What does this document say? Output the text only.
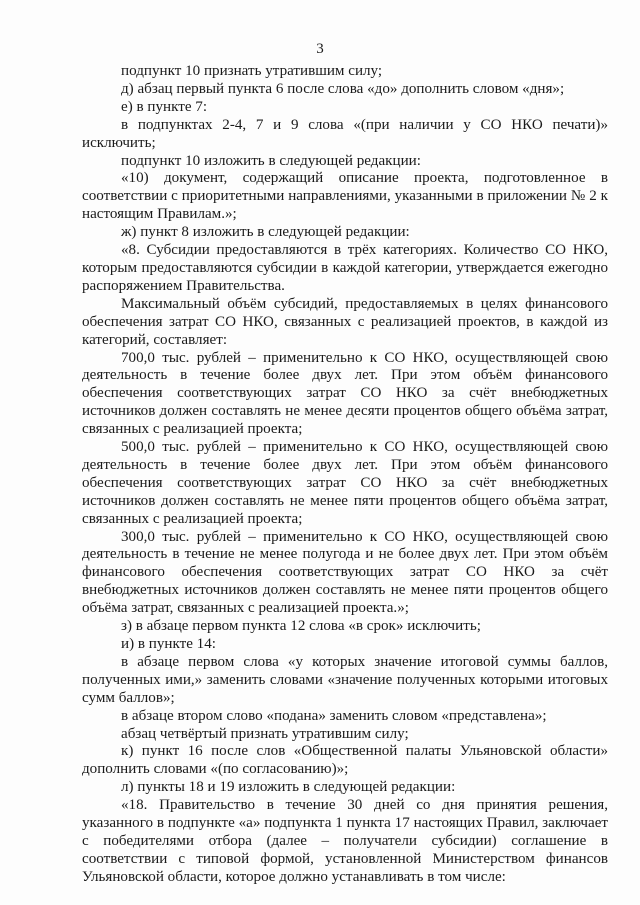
3

подпункт 10 признать утратившим силу;

д) абзац первый пункта 6 после слова «до» дополнить словом «дня»;

е) в пункте 7:

в подпунктах 2-4, 7 и 9 слова «(при наличии у СО НКО печати)» исключить;

подпункт 10 изложить в следующей редакции:

«10) документ, содержащий описание проекта, подготовленное в соответствии с приоритетными направлениями, указанными в приложении № 2 к настоящим Правилам.»;

ж) пункт 8 изложить в следующей редакции:

«8. Субсидии предоставляются в трёх категориях. Количество СО НКО, которым предоставляются субсидии в каждой категории, утверждается ежегодно распоряжением Правительства.

Максимальный объём субсидий, предоставляемых в целях финансового обеспечения затрат СО НКО, связанных с реализацией проектов, в каждой из категорий, составляет:

700,0 тыс. рублей – применительно к СО НКО, осуществляющей свою деятельность в течение более двух лет. При этом объём финансового обеспечения соответствующих затрат СО НКО за счёт внебюджетных источников должен составлять не менее десяти процентов общего объёма затрат, связанных с реализацией проекта;

500,0 тыс. рублей – применительно к СО НКО, осуществляющей свою деятельность в течение более двух лет. При этом объём финансового обеспечения соответствующих затрат СО НКО за счёт внебюджетных источников должен составлять не менее пяти процентов общего объёма затрат, связанных с реализацией проекта;

300,0 тыс. рублей – применительно к СО НКО, осуществляющей свою деятельность в течение не менее полугода и не более двух лет. При этом объём финансового обеспечения соответствующих затрат СО НКО за счёт внебюджетных источников должен составлять не менее пяти процентов общего объёма затрат, связанных с реализацией проекта.»;

з) в абзаце первом пункта 12 слова «в срок» исключить;

и) в пункте 14:

в абзаце первом слова «у которых значение итоговой суммы баллов, полученных ими,» заменить словами «значение полученных которыми итоговых сумм баллов»;

в абзаце втором слово «подана» заменить словом «представлена»;

абзац четвёртый признать утратившим силу;

к) пункт 16 после слов «Общественной палаты Ульяновской области» дополнить словами «(по согласованию)»;

л) пункты 18 и 19 изложить в следующей редакции:

«18. Правительство в течение 30 дней со дня принятия решения, указанного в подпункте «а» подпункта 1 пункта 17 настоящих Правил, заключает с победителями отбора (далее – получатели субсидии) соглашение в соответствии с типовой формой, установленной Министерством финансов Ульяновской области, которое должно устанавливать в том числе:
